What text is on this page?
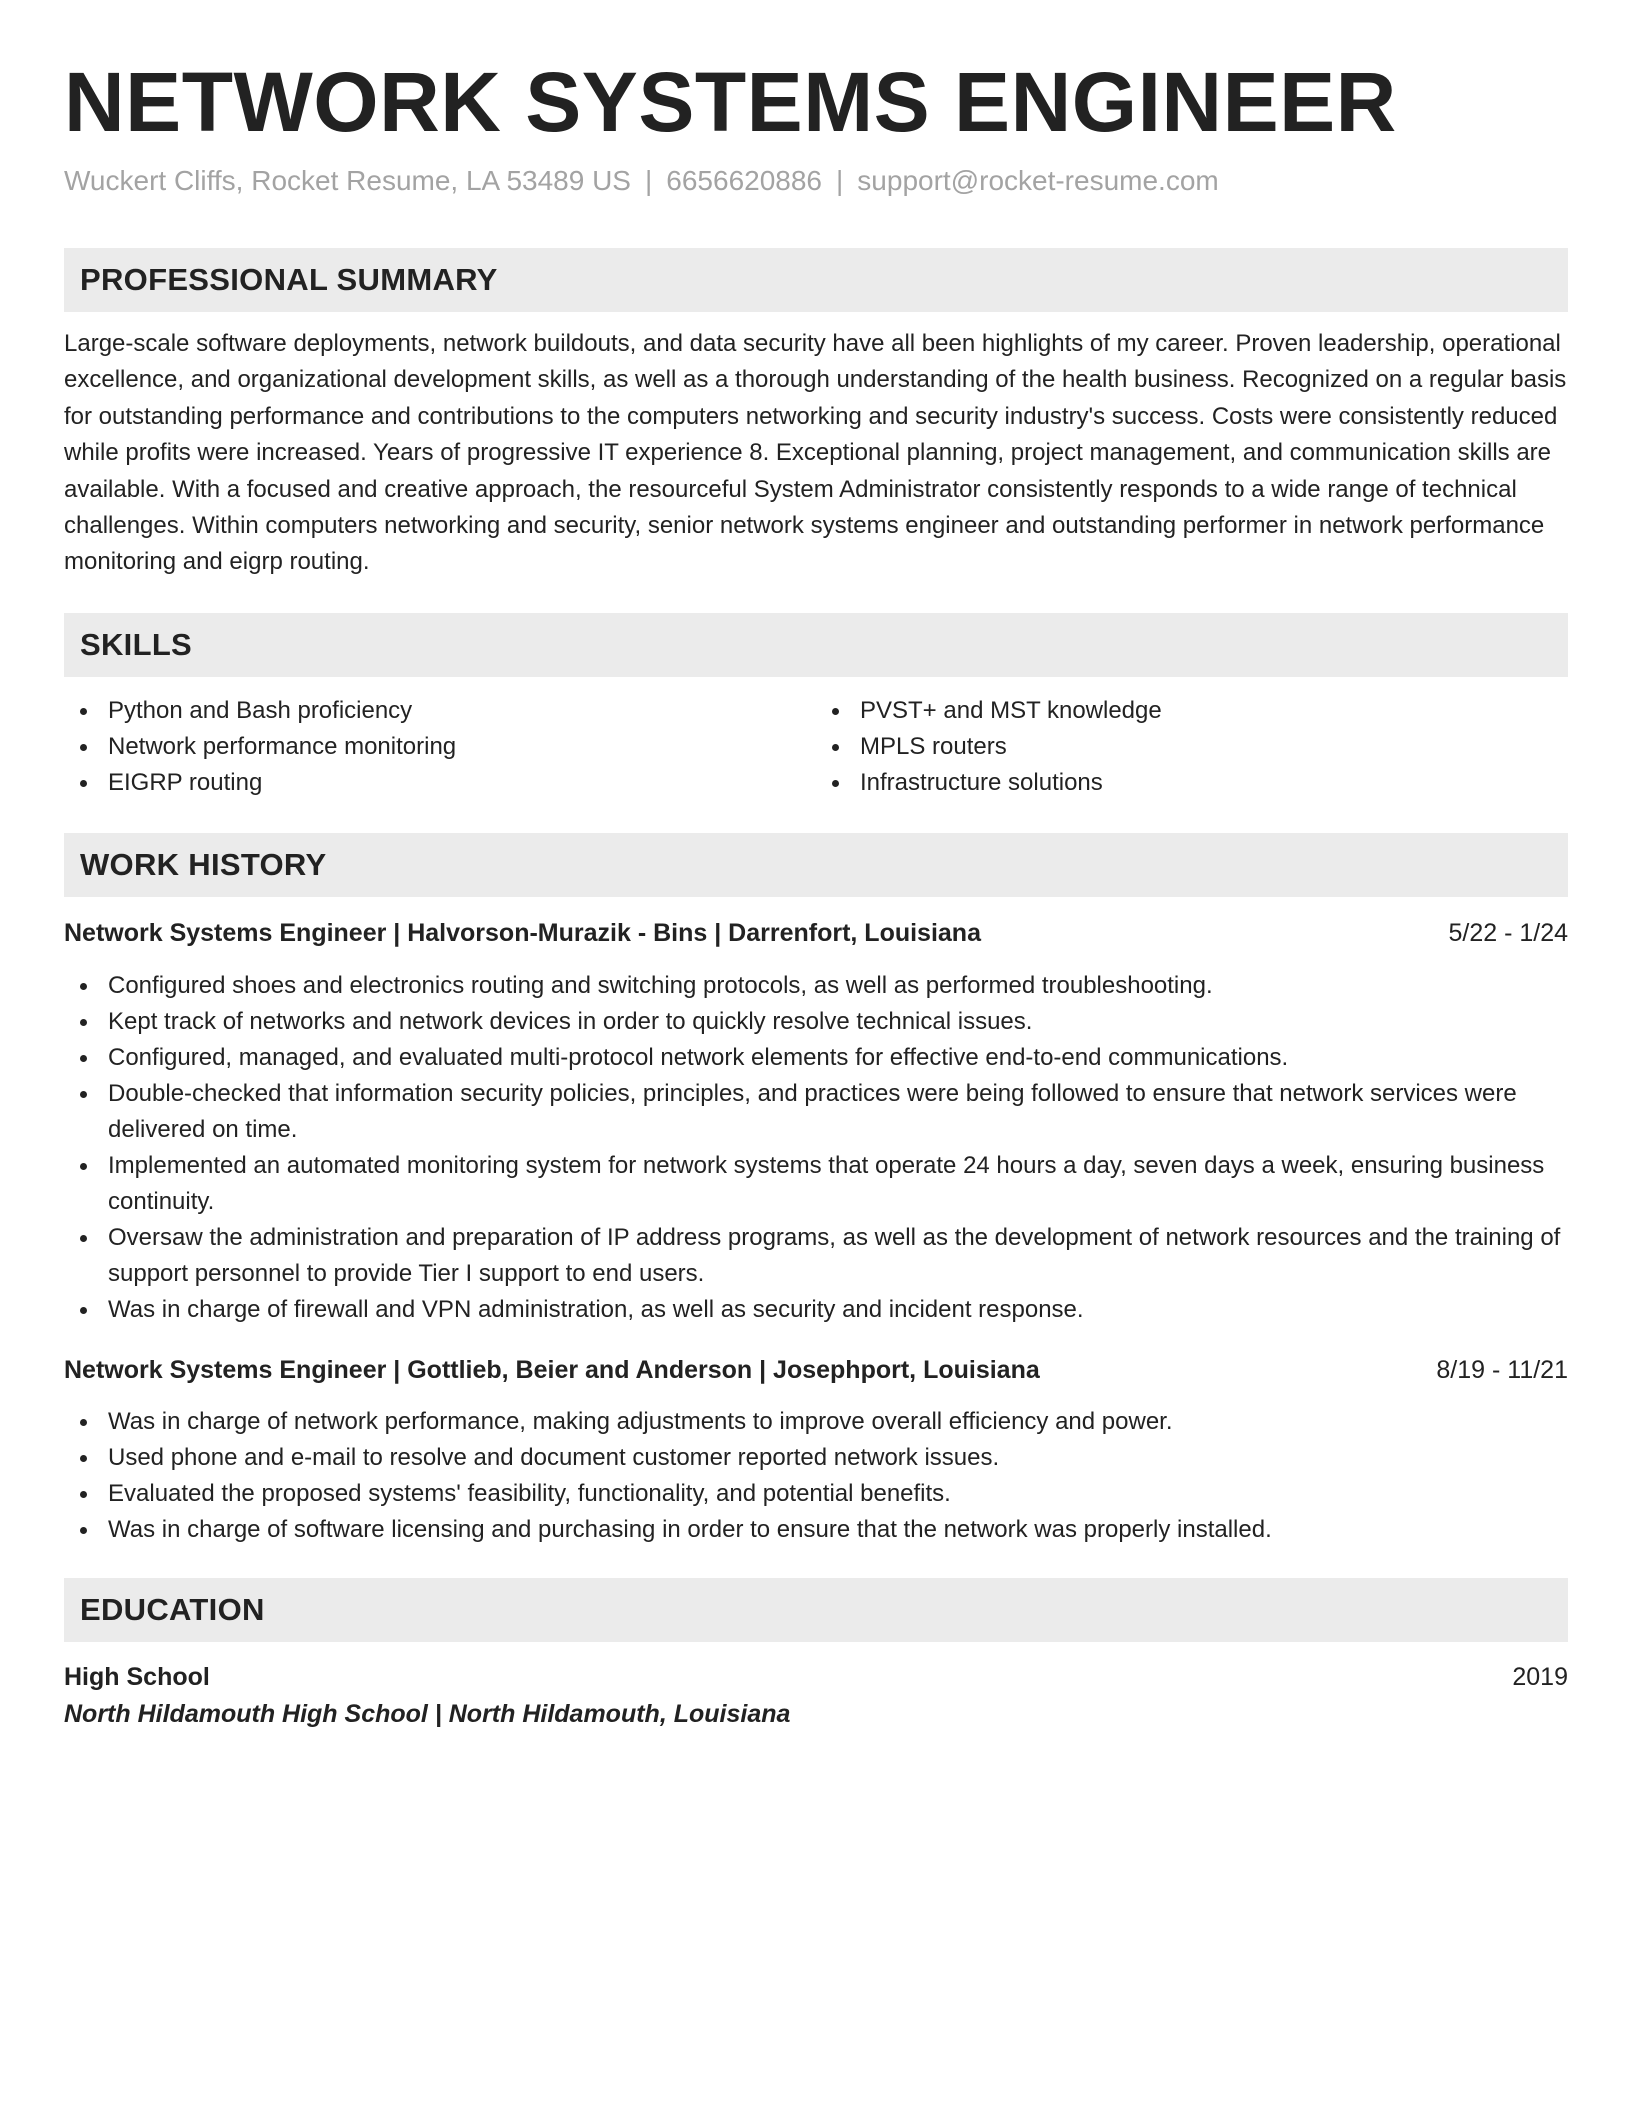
NETWORK SYSTEMS ENGINEER
Wuckert Cliffs, Rocket Resume, LA 53489 US | 6656620886 | support@rocket-resume.com
PROFESSIONAL SUMMARY

Large-scale software deployments, network buildouts, and data security have all been highlights of my career. Proven leadership, operational excellence, and organizational development skills, as well as a thorough understanding of the health business. Recognized on a regular basis for outstanding performance and contributions to the computers networking and security industry's success. Costs were consistently reduced while profits were increased. Years of progressive IT experience 8. Exceptional planning, project management, and communication skills are available. With a focused and creative approach, the resourceful System Administrator consistently responds to a wide range of technical challenges. Within computers networking and security, senior network systems engineer and outstanding performer in network performance monitoring and eigrp routing.

SKILLS
Python and Bash proficiency
Network performance monitoring
EIGRP routing
PVST+ and MST knowledge
MPLS routers
Infrastructure solutions
WORK HISTORY
Network Systems Engineer | Halvorson-Murazik - Bins | Darrenfort, Louisiana	5/22 - 1/24
Configured shoes and electronics routing and switching protocols, as well as performed troubleshooting.
Kept track of networks and network devices in order to quickly resolve technical issues.
Configured, managed, and evaluated multi-protocol network elements for effective end-to-end communications.
Double-checked that information security policies, principles, and practices were being followed to ensure that network services were delivered on time.
Implemented an automated monitoring system for network systems that operate 24 hours a day, seven days a week, ensuring business continuity.
Oversaw the administration and preparation of IP address programs, as well as the development of network resources and the training of support personnel to provide Tier I support to end users.
Was in charge of firewall and VPN administration, as well as security and incident response.
Network Systems Engineer | Gottlieb, Beier and Anderson | Josephport, Louisiana	8/19 - 11/21
Was in charge of network performance, making adjustments to improve overall efficiency and power.
Used phone and e-mail to resolve and document customer reported network issues.
Evaluated the proposed systems' feasibility, functionality, and potential benefits.
Was in charge of software licensing and purchasing in order to ensure that the network was properly installed.
EDUCATION
High School	2019
North Hildamouth High School | North Hildamouth, Louisiana
